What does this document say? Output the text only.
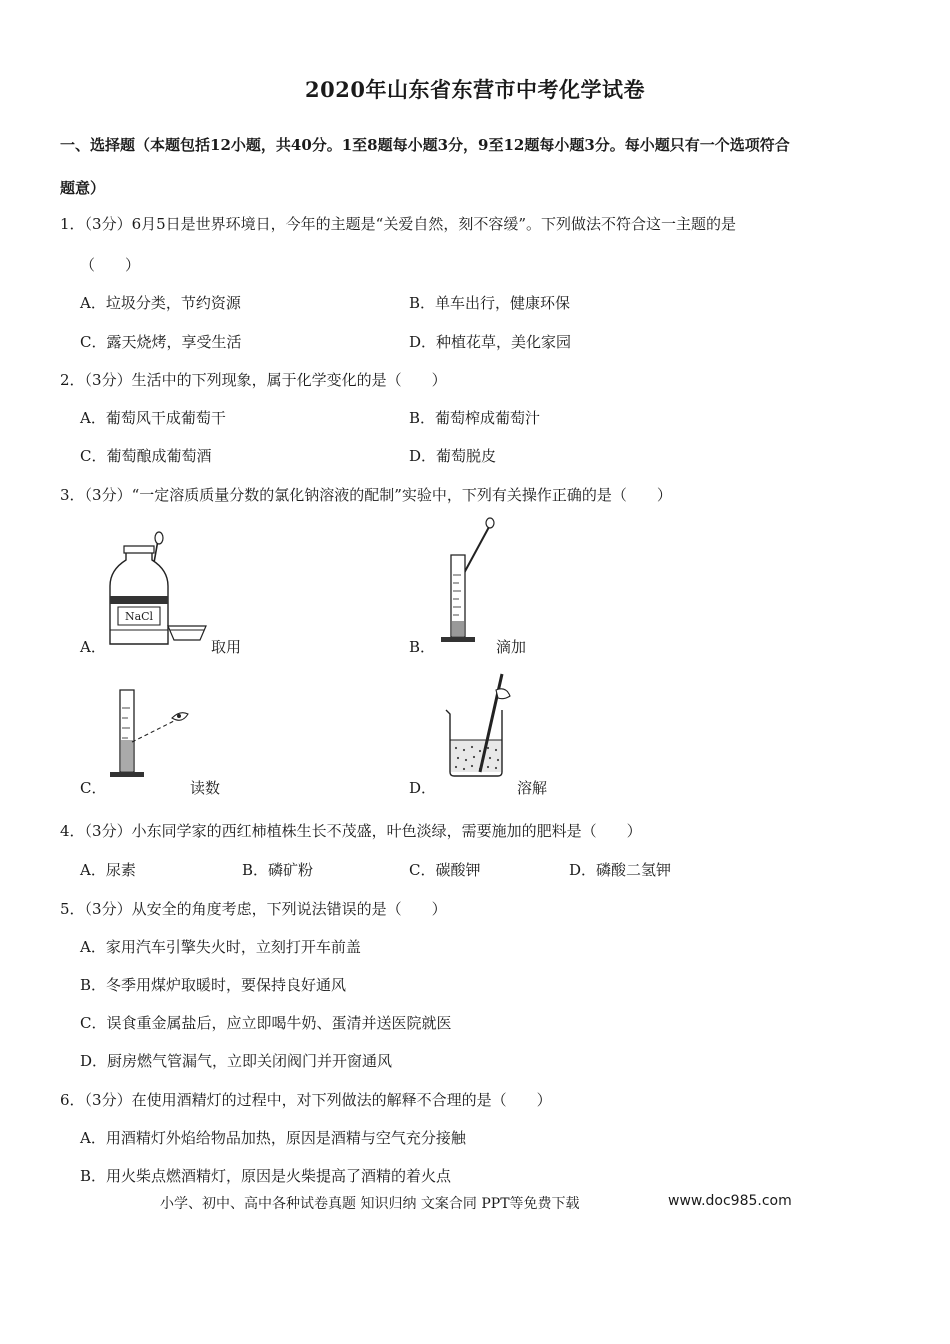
2020年山东省东营市中考化学试卷
一、选择题（本题包括12小题，共40分。1至8题每小题3分，9至12题每小题3分。每小题只有一个选项符合
题意）
1．（3分）6月5日是世界环境日，今年的主题是“关爱自然，刻不容缓”。下列做法不符合这一主题的是
（　　）
A．垃圾分类，节约资源	B．单车出行，健康环保
C．露天烧烤，享受生活	D．种植花草，美化家园
2．（3分）生活中的下列现象，属于化学变化的是（　　）
A．葡萄风干成葡萄干	B．葡萄榨成葡萄汁
C．葡萄酿成葡萄酒	D．葡萄脱皮
3．（3分）“一定溶质质量分数的氯化钠溶液的配制”实验中，下列有关操作正确的是（　　）
A．
NaCl
取用	B．	滴加
C．	读数	D．	溶解
4．（3分）小东同学家的西红柿植株生长不茂盛，叶色淡绿，需要施加的肥料是（　　）
A．尿素	B．磷矿粉	C．碳酸钾	D．磷酸二氢钾
5．（3分）从安全的角度考虑，下列说法错误的是（　　）
A．家用汽车引擎失火时，立刻打开车前盖
B．冬季用煤炉取暖时，要保持良好通风
C．误食重金属盐后，应立即喝牛奶、蛋清并送医院就医
D．厨房燃气管漏气，立即关闭阀门并开窗通风
6．（3分）在使用酒精灯的过程中，对下列做法的解释不合理的是（　　）
A．用酒精灯外焰给物品加热，原因是酒精与空气充分接触
B．用火柴点燃酒精灯，原因是火柴提高了酒精的着火点
小学、初中、高中各种试卷真题 知识归纳 文案合同 PPT等免费下载	www.doc985.com
